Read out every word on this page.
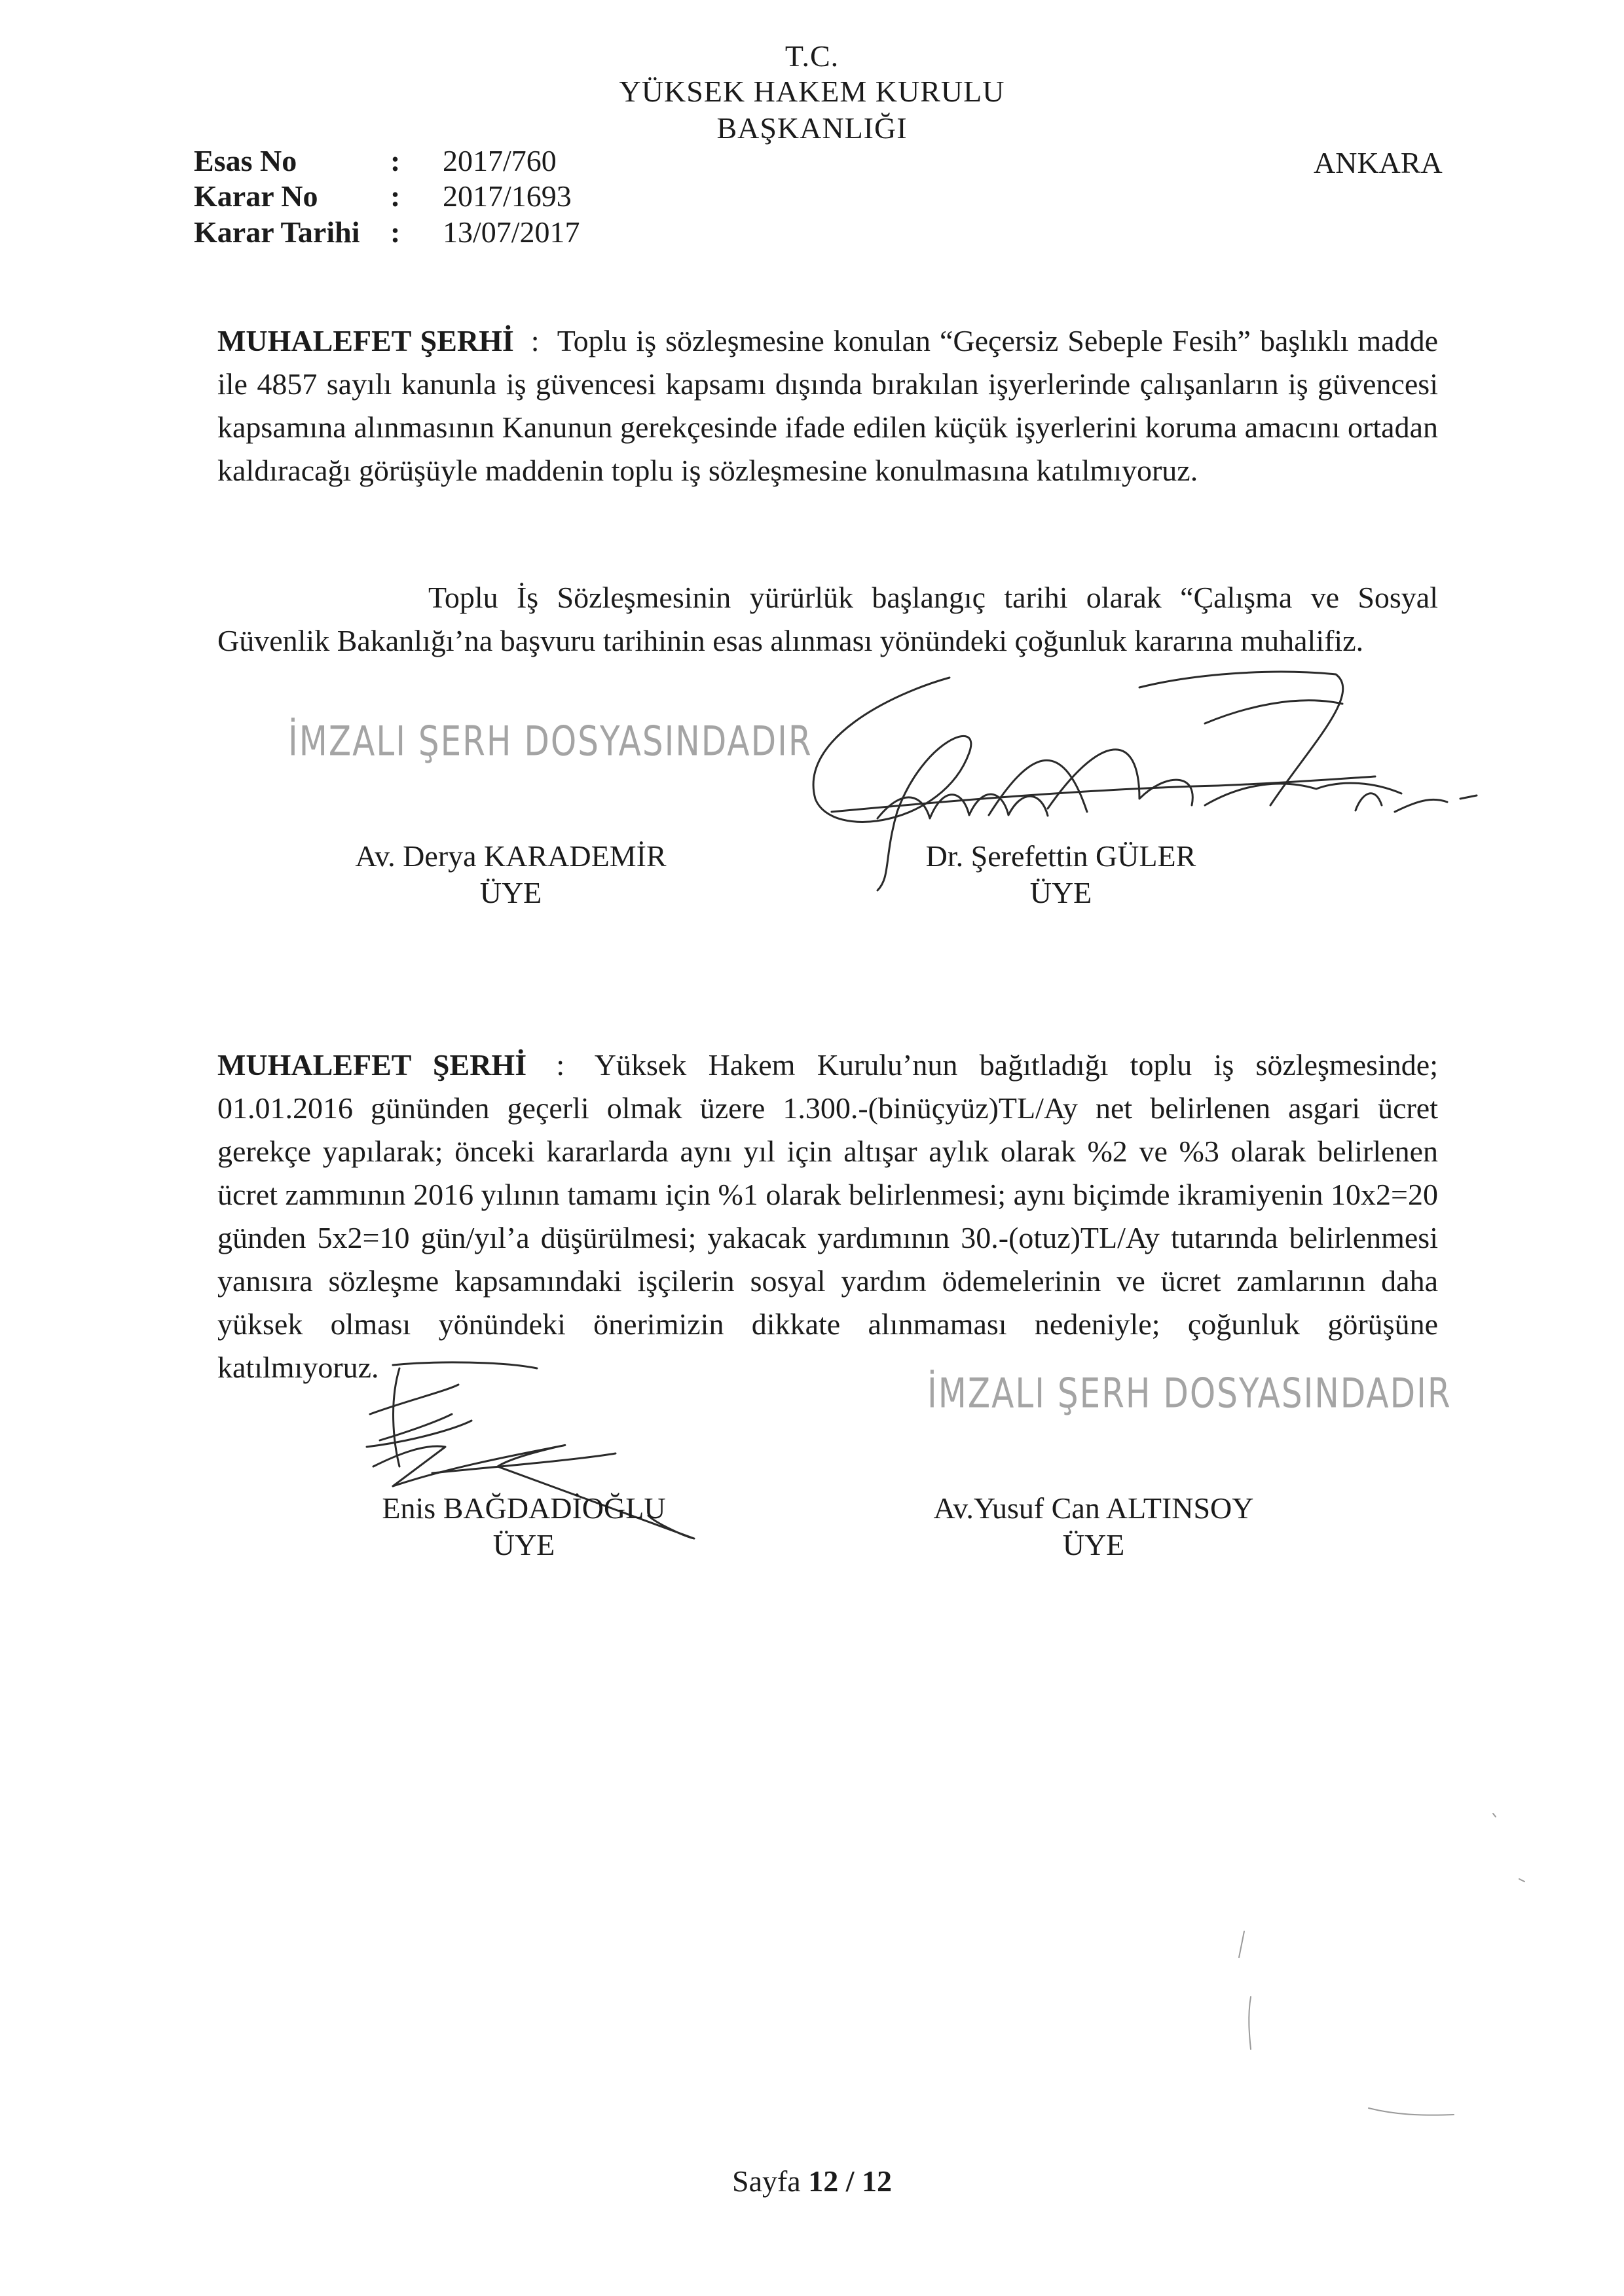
T.C.
YÜKSEK HAKEM KURULU
BAŞKANLIĞI
Esas No	: 2017/760
Karar No	: 2017/1693
Karar Tarihi	: 13/07/2017
ANKARA
MUHALEFET ŞERHİ : Toplu iş sözleşmesine konulan “Geçersiz Sebeple Fesih” başlıklı madde ile 4857 sayılı kanunla iş güvencesi kapsamı dışında bırakılan işyerlerinde çalışanların iş güvencesi kapsamına alınmasının Kanunun gerekçesinde ifade edilen küçük işyerlerini koruma amacını ortadan kaldıracağı görüşüyle maddenin toplu iş sözleşmesine konulmasına katılmıyoruz.
Toplu İş Sözleşmesinin yürürlük başlangıç tarihi olarak “Çalışma ve Sosyal Güvenlik Bakanlığı’na başvuru tarihinin esas alınması yönündeki çoğunluk kararına muhalifiz.
İMZALI ŞERH DOSYASINDADIR
Av. Derya KARADEMİR
ÜYE
Dr. Şerefettin GÜLER
ÜYE
MUHALEFET ŞERHİ : Yüksek Hakem Kurulu’nun bağıtladığı toplu iş sözleşmesinde; 01.01.2016 gününden geçerli olmak üzere 1.300.-(binüçyüz)TL/Ay net belirlenen asgari ücret gerekçe yapılarak; önceki kararlarda aynı yıl için altışar aylık olarak %2 ve %3 olarak belirlenen ücret zammının 2016 yılının tamamı için %1 olarak belirlenmesi; aynı biçimde ikramiyenin 10x2=20 günden 5x2=10 gün/yıl’a düşürülmesi; yakacak yardımının 30.-(otuz)TL/Ay tutarında belirlenmesi yanısıra sözleşme kapsamındaki işçilerin sosyal yardım ödemelerinin ve ücret zamlarının daha yüksek olması yönündeki önerimizin dikkate alınmaması nedeniyle; çoğunluk görüşüne katılmıyoruz.
İMZALI ŞERH DOSYASINDADIR
Enis BAĞDADİOĞLU
ÜYE
Av.Yusuf Can ALTINSOY
ÜYE
Sayfa 12 / 12
